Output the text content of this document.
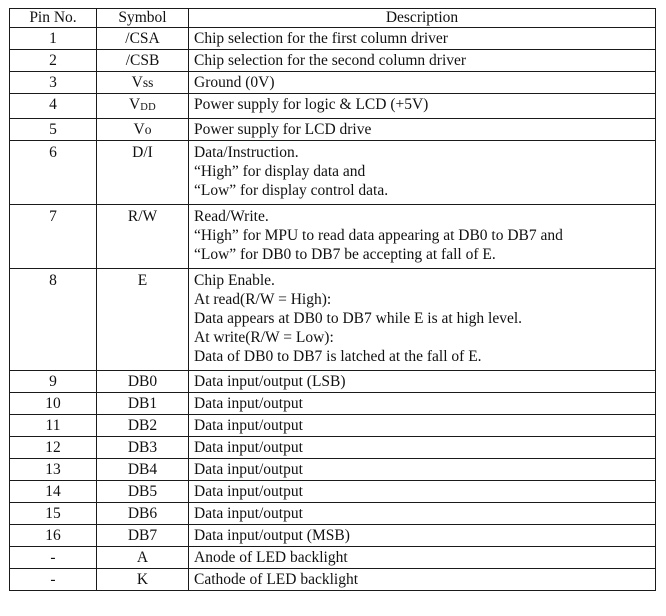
Pin No.	Symbol	Description
1	/CSA	Chip selection for the first column driver

2	/CSB	Chip selection for the second column driver

3	Vss	Ground (0V)

4	VDD	Power supply for logic & LCD (+5V)

5	Vo	Power supply for LCD drive

6	D/I	Data/Instruction.
“High” for display data and
“Low” for display control data.

7	R/W	Read/Write.
“High” for MPU to read data appearing at DB0 to DB7 and
“Low” for DB0 to DB7 be accepting at fall of E.

8	E	Chip Enable.
At read(R/W = High):
Data appears at DB0 to DB7 while E is at high level.
At write(R/W = Low):
Data of DB0 to DB7 is latched at the fall of E.

9	DB0	Data input/output (LSB)

10	DB1	Data input/output

11	DB2	Data input/output

12	DB3	Data input/output

13	DB4	Data input/output

14	DB5	Data input/output

15	DB6	Data input/output

16	DB7	Data input/output (MSB)

-	A	Anode of LED backlight

-	K	Cathode of LED backlight
